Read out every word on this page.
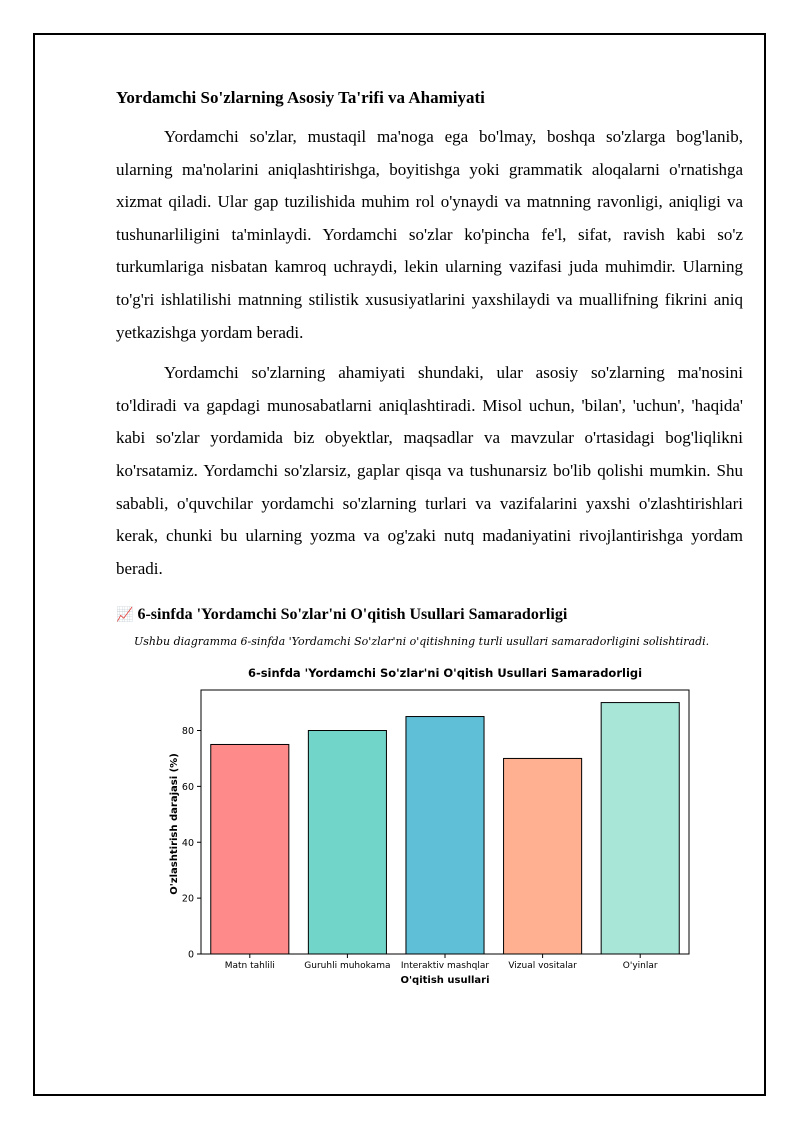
Yordamchi So'zlarning Asosiy Ta'rifi va Ahamiyati

Yordamchi so'zlar, mustaqil ma'noga ega bo'lmay, boshqa so'zlarga bog'lanib, ularning ma'nolarini aniqlashtirishga, boyitishga yoki grammatik aloqalarni o'rnatishga xizmat qiladi. Ular gap tuzilishida muhim rol o'ynaydi va matnning ravonligi, aniqligi va tushunarliligini ta'minlaydi. Yordamchi so'zlar ko'pincha fe'l, sifat, ravish kabi so'z turkumlariga nisbatan kamroq uchraydi, lekin ularning vazifasi juda muhimdir. Ularning to'g'ri ishlatilishi matnning stilistik xususiyatlarini yaxshilaydi va muallifning fikrini aniq yetkazishga yordam beradi.

Yordamchi so'zlarning ahamiyati shundaki, ular asosiy so'zlarning ma'nosini to'ldiradi va gapdagi munosabatlarni aniqlashtiradi. Misol uchun, 'bilan', 'uchun', 'haqida' kabi so'zlar yordamida biz obyektlar, maqsadlar va mavzular o'rtasidagi bog'liqlikni ko'rsatamiz. Yordamchi so'zlarsiz, gaplar qisqa va tushunarsiz bo'lib qolishi mumkin. Shu sababli, o'quvchilar yordamchi so'zlarning turlari va vazifalarini yaxshi o'zlashtirishlari kerak, chunki bu ularning yozma va og'zaki nutq madaniyatini rivojlantirishga yordam beradi.

📈 6-sinfda 'Yordamchi So'zlar'ni O'qitish Usullari Samaradorligi
Ushbu diagramma 6-sinfda 'Yordamchi So'zlar'ni o'qitishning turli usullari samaradorligini solishtiradi.
6-sinfda 'Yordamchi So'zlar'ni O'qitish Usullari Samaradorligi
O'qitish usullari
O'zlashtirish darajasi (%)
0
20
40
60
80
Matn tahlili	Guruhli muhokama Interaktiv mashqlar Vizual vositalar	O'yinlar
